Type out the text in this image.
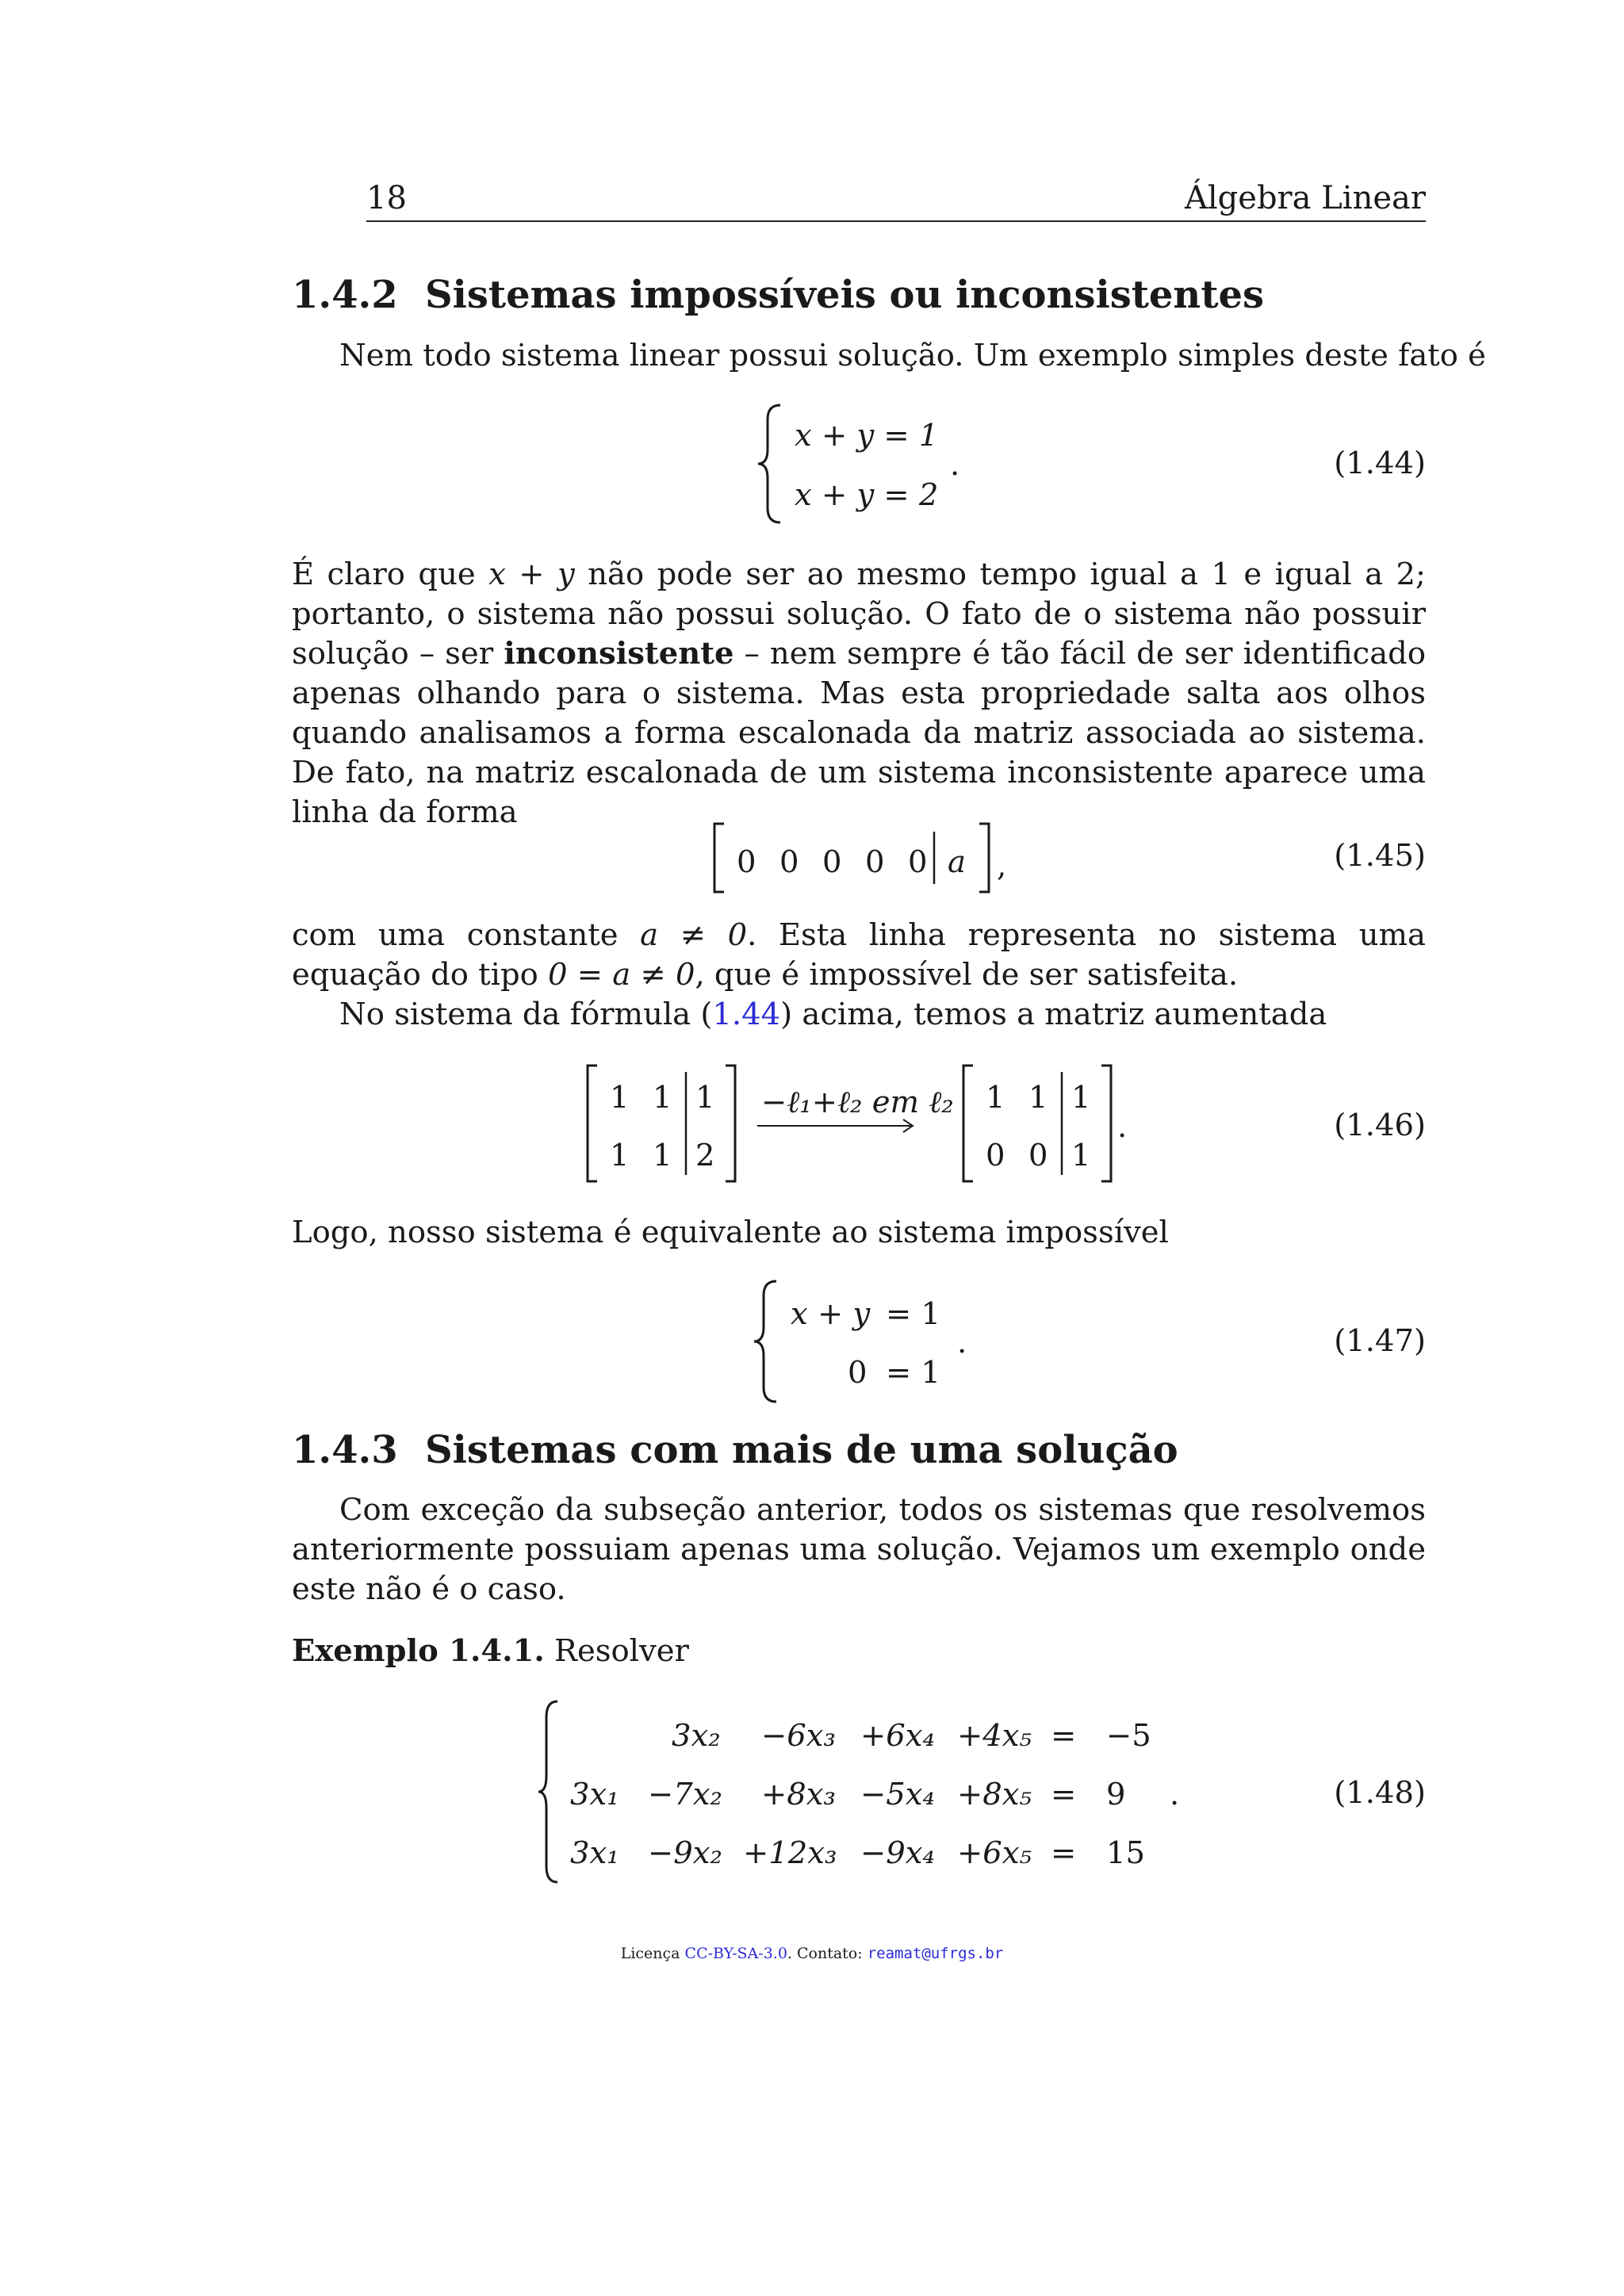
18	Álgebra Linear
1.4.2 Sistemas impossíveis ou inconsistentes
Nem todo sistema linear possui solução. Um exemplo simples deste fato é
x + y = 1
x + y = 2
.	(1.44)

É claro que x + y não pode ser ao mesmo tempo igual a 1 e igual a 2; portanto, o sistema não possui solução. O fato de o sistema não possuir solução – ser inconsistente – nem sempre é tão fácil de ser identificado apenas olhando para o sistema. Mas esta propriedade salta aos olhos quando analisamos a forma escalonada da matriz associada ao sistema. De fato, na matriz escalonada de um sistema inconsistente aparece uma linha da forma

0 0 0 0 0 a ,	(1.45)

com uma constante a ≠ 0. Esta linha representa no sistema uma equação do tipo 0 = a ≠ 0, que é impossível de ser satisfeita.

No sistema da fórmula (1.44) acima, temos a matriz aumentada
1 1 1
1 1 2
−ℓ₁+ℓ₂ em ℓ₂ 1 1 1
0 0 1
.	(1.46)
Logo, nosso sistema é equivalente ao sistema impossível
x + y = 1
0 = 1
.	(1.47)
1.4.3 Sistemas com mais de uma solução

Com exceção da subseção anterior, todos os sistemas que resolvemos anteriormente possuiam apenas uma solução. Vejamos um exemplo onde este não é o caso.

Exemplo 1.4.1. Resolver
3x₂ −6x₃ +6x₄ +4x₅ = −5
3x₁ −7x₂ +8x₃ −5x₄ +8x₅ = 9 .
3x₁ −9x₂ +12x₃ −9x₄ +6x₅ = 15
(1.48)
Licença CC-BY-SA-3.0. Contato: reamat@ufrgs.br
